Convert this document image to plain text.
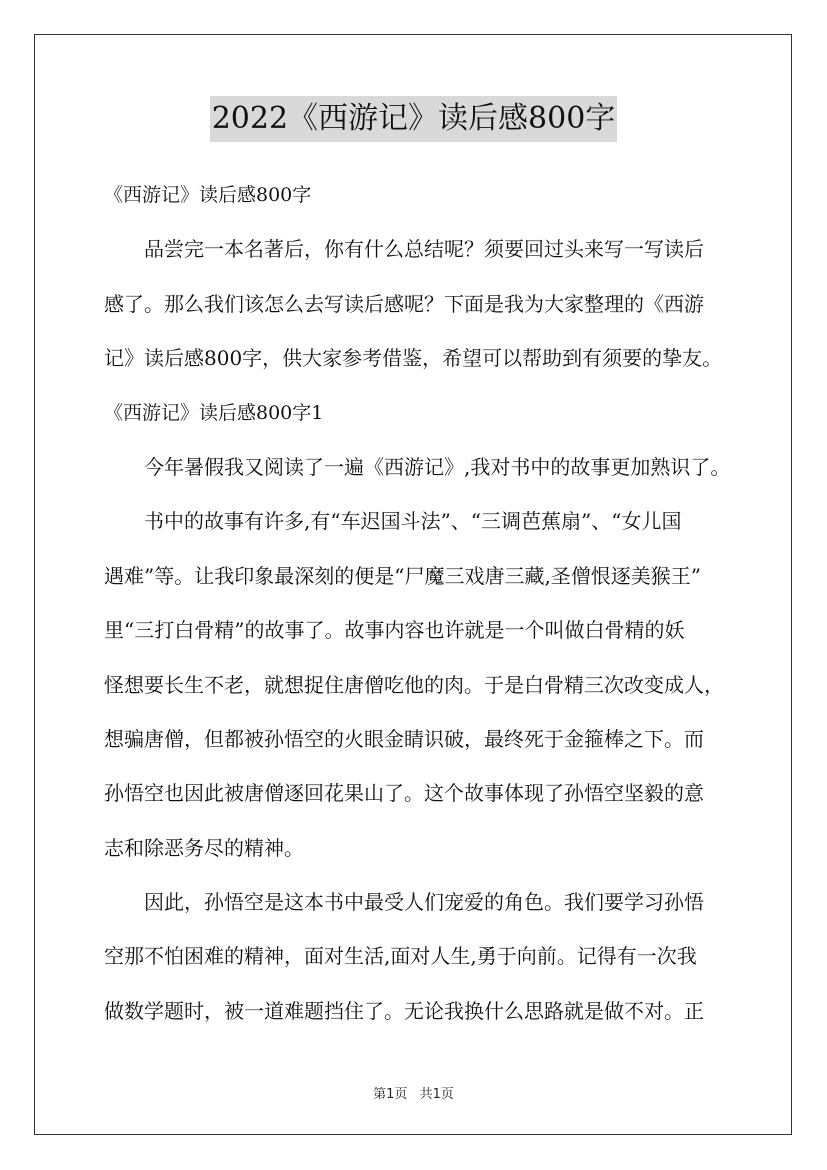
2022《西游记》读后感800字
《西游记》读后感800字
品尝完一本名著后，你有什么总结呢？须要回过头来写一写读后
感了。那么我们该怎么去写读后感呢？下面是我为大家整理的《西游
记》读后感800字，供大家参考借鉴，希望可以帮助到有须要的挚友。
《西游记》读后感800字1
今年暑假我又阅读了一遍《西游记》,我对书中的故事更加熟识了。
书中的故事有许多,有“车迟国斗法”、“三调芭蕉扇”、“女儿国
遇难”等。让我印象最深刻的便是“尸魔三戏唐三藏,圣僧恨逐美猴王”
里“三打白骨精”的故事了。故事内容也许就是一个叫做白骨精的妖
怪想要长生不老，就想捉住唐僧吃他的肉。于是白骨精三次改变成人，
想骗唐僧，但都被孙悟空的火眼金睛识破，最终死于金箍棒之下。而
孙悟空也因此被唐僧逐回花果山了。这个故事体现了孙悟空坚毅的意
志和除恶务尽的精神。
因此，孙悟空是这本书中最受人们宠爱的角色。我们要学习孙悟
空那不怕困难的精神，面对生活,面对人生,勇于向前。记得有一次我
做数学题时，被一道难题挡住了。无论我换什么思路就是做不对。正
第1页 共1页
